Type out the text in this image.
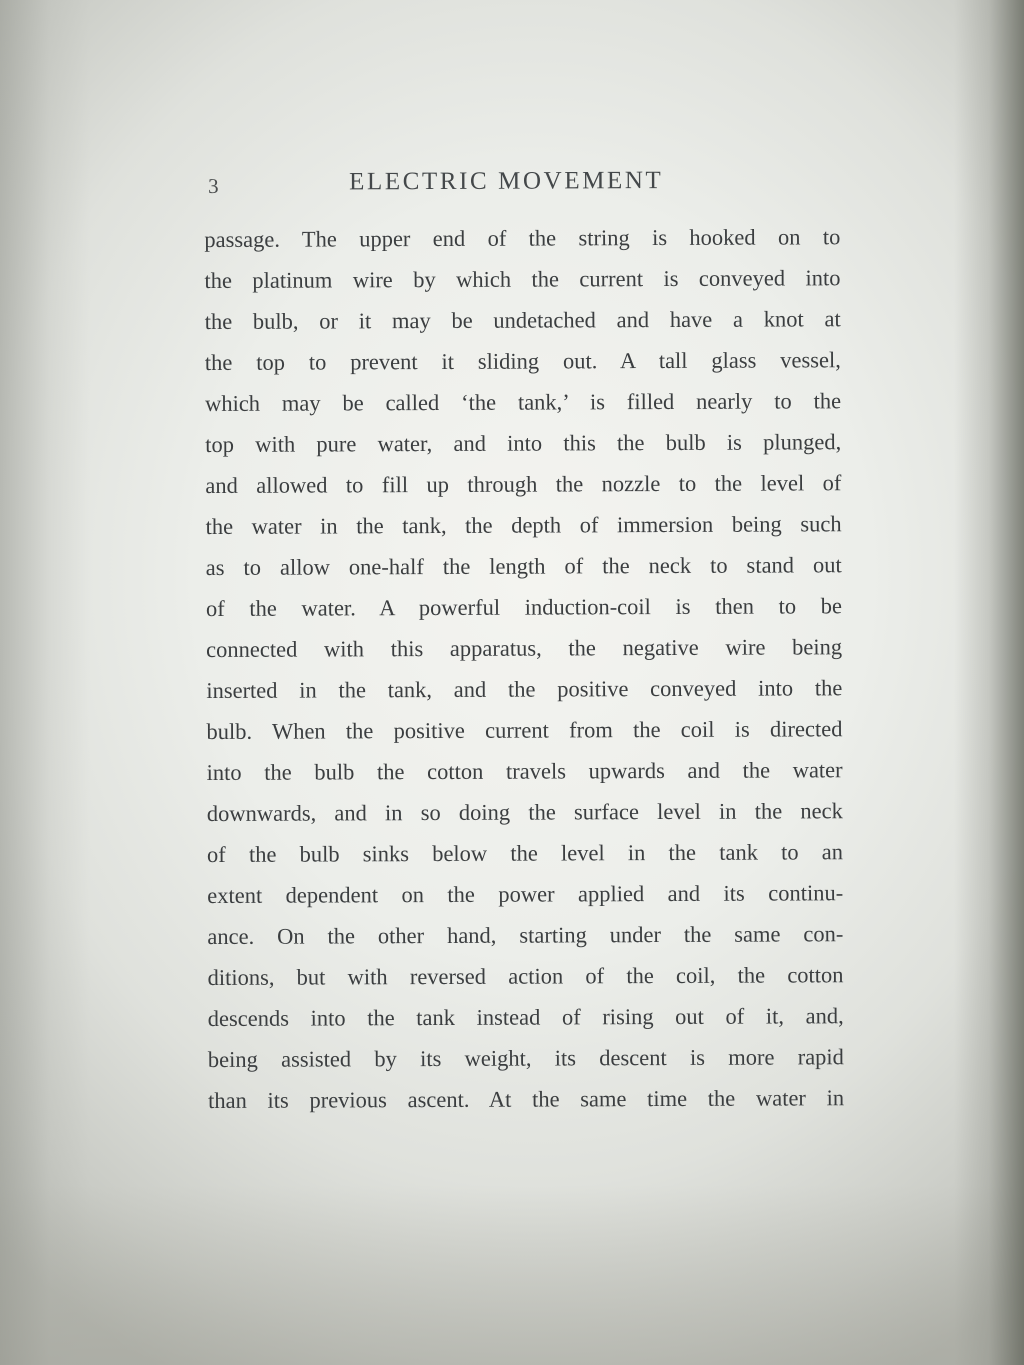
3	ELECTRIC MOVEMENT
passage. The upper end of the string is hooked on to
the platinum wire by which the current is conveyed into
the bulb, or it may be undetached and have a knot at
the top to prevent it sliding out. A tall glass vessel,
which may be called ‘the tank,’ is filled nearly to the
top with pure water, and into this the bulb is plunged,
and allowed to fill up through the nozzle to the level of
the water in the tank, the depth of immersion being such
as to allow one-half the length of the neck to stand out
of the water. A powerful induction-coil is then to be
connected with this apparatus, the negative wire being
inserted in the tank, and the positive conveyed into the
bulb. When the positive current from the coil is directed
into the bulb the cotton travels upwards and the water
downwards, and in so doing the surface level in the neck
of the bulb sinks below the level in the tank to an
extent dependent on the power applied and its continu-
ance. On the other hand, starting under the same con-
ditions, but with reversed action of the coil, the cotton
descends into the tank instead of rising out of it, and,
being assisted by its weight, its descent is more rapid
than its previous ascent. At the same time the water in
